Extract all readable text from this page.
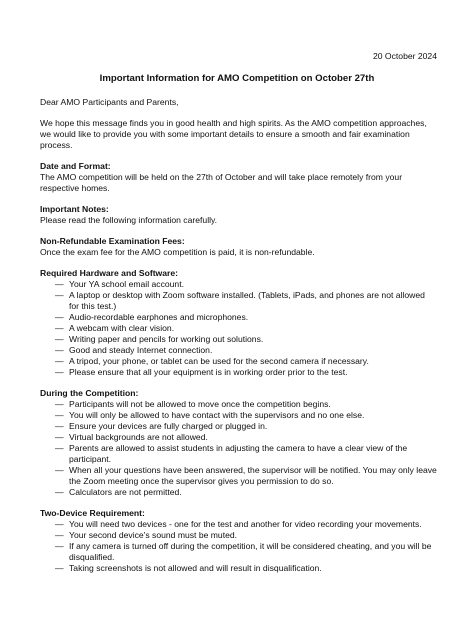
20 October 2024
Important Information for AMO Competition on October 27th

Dear AMO Participants and Parents,

We hope this message finds you in good health and high spirits. As the AMO competition approaches, we would like to provide you with some important details to ensure a smooth and fair examination process.

Date and Format:

The AMO competition will be held on the 27th of October and will take place remotely from your respective homes.

Important Notes:

Please read the following information carefully.

Non-Refundable Examination Fees:

Once the exam fee for the AMO competition is paid, it is non-refundable.

Required Hardware and Software:

— Your YA school email account.
— A laptop or desktop with Zoom software installed. (Tablets, iPads, and phones are not allowed for this test.)
— Audio-recordable earphones and microphones.
— A webcam with clear vision.
— Writing paper and pencils for working out solutions.
— Good and steady Internet connection.
— A tripod, your phone, or tablet can be used for the second camera if necessary.
— Please ensure that all your equipment is in working order prior to the test.

During the Competition:

— Participants will not be allowed to move once the competition begins.
— You will only be allowed to have contact with the supervisors and no one else.
— Ensure your devices are fully charged or plugged in.
— Virtual backgrounds are not allowed.
— Parents are allowed to assist students in adjusting the camera to have a clear view of the participant.
— When all your questions have been answered, the supervisor will be notified. You may only leave the Zoom meeting once the supervisor gives you permission to do so.
— Calculators are not permitted.

Two-Device Requirement:

— You will need two devices - one for the test and another for video recording your movements.
— Your second device's sound must be muted.
— If any camera is turned off during the competition, it will be considered cheating, and you will be disqualified.
— Taking screenshots is not allowed and will result in disqualification.
